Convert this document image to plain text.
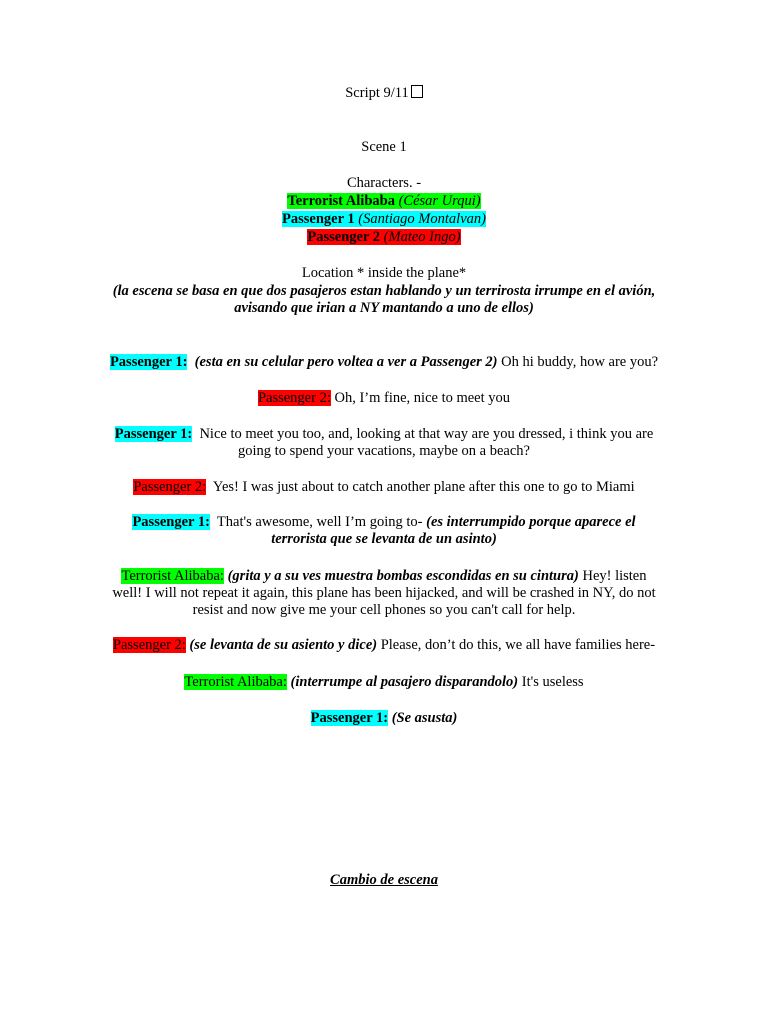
Script 9/11
Scene 1
Characters. -
Terrorist Alibaba (César Urqui)
Passenger 1 (Santiago Montalvan)
Passenger 2 (Mateo Ingo)
Location * inside the plane*
(la escena se basa en que dos pasajeros estan hablando y un terrirosta irrumpe en el avión, avisando que irian a NY mantando a uno de ellos)
Passenger 1: (esta en su celular pero voltea a ver a Passenger 2) Oh hi buddy, how are you?
Passenger 2: Oh, I’m fine, nice to meet you
Passenger 1: Nice to meet you too, and, looking at that way are you dressed, i think you are going to spend your vacations, maybe on a beach?
Passenger 2: Yes! I was just about to catch another plane after this one to go to Miami
Passenger 1: That's awesome, well I’m going to- (es interrumpido porque aparece el terrorista que se levanta de un asinto)
Terrorist Alibaba: (grita y a su ves muestra bombas escondidas en su cintura) Hey! listen well! I will not repeat it again, this plane has been hijacked, and will be crashed in NY, do not resist and now give me your cell phones so you can't call for help.
Passenger 2: (se levanta de su asiento y dice) Please, don’t do this, we all have families here-
Terrorist Alibaba: (interrumpe al pasajero disparandolo) It's useless
Passenger 1: (Se asusta)
Cambio de escena
